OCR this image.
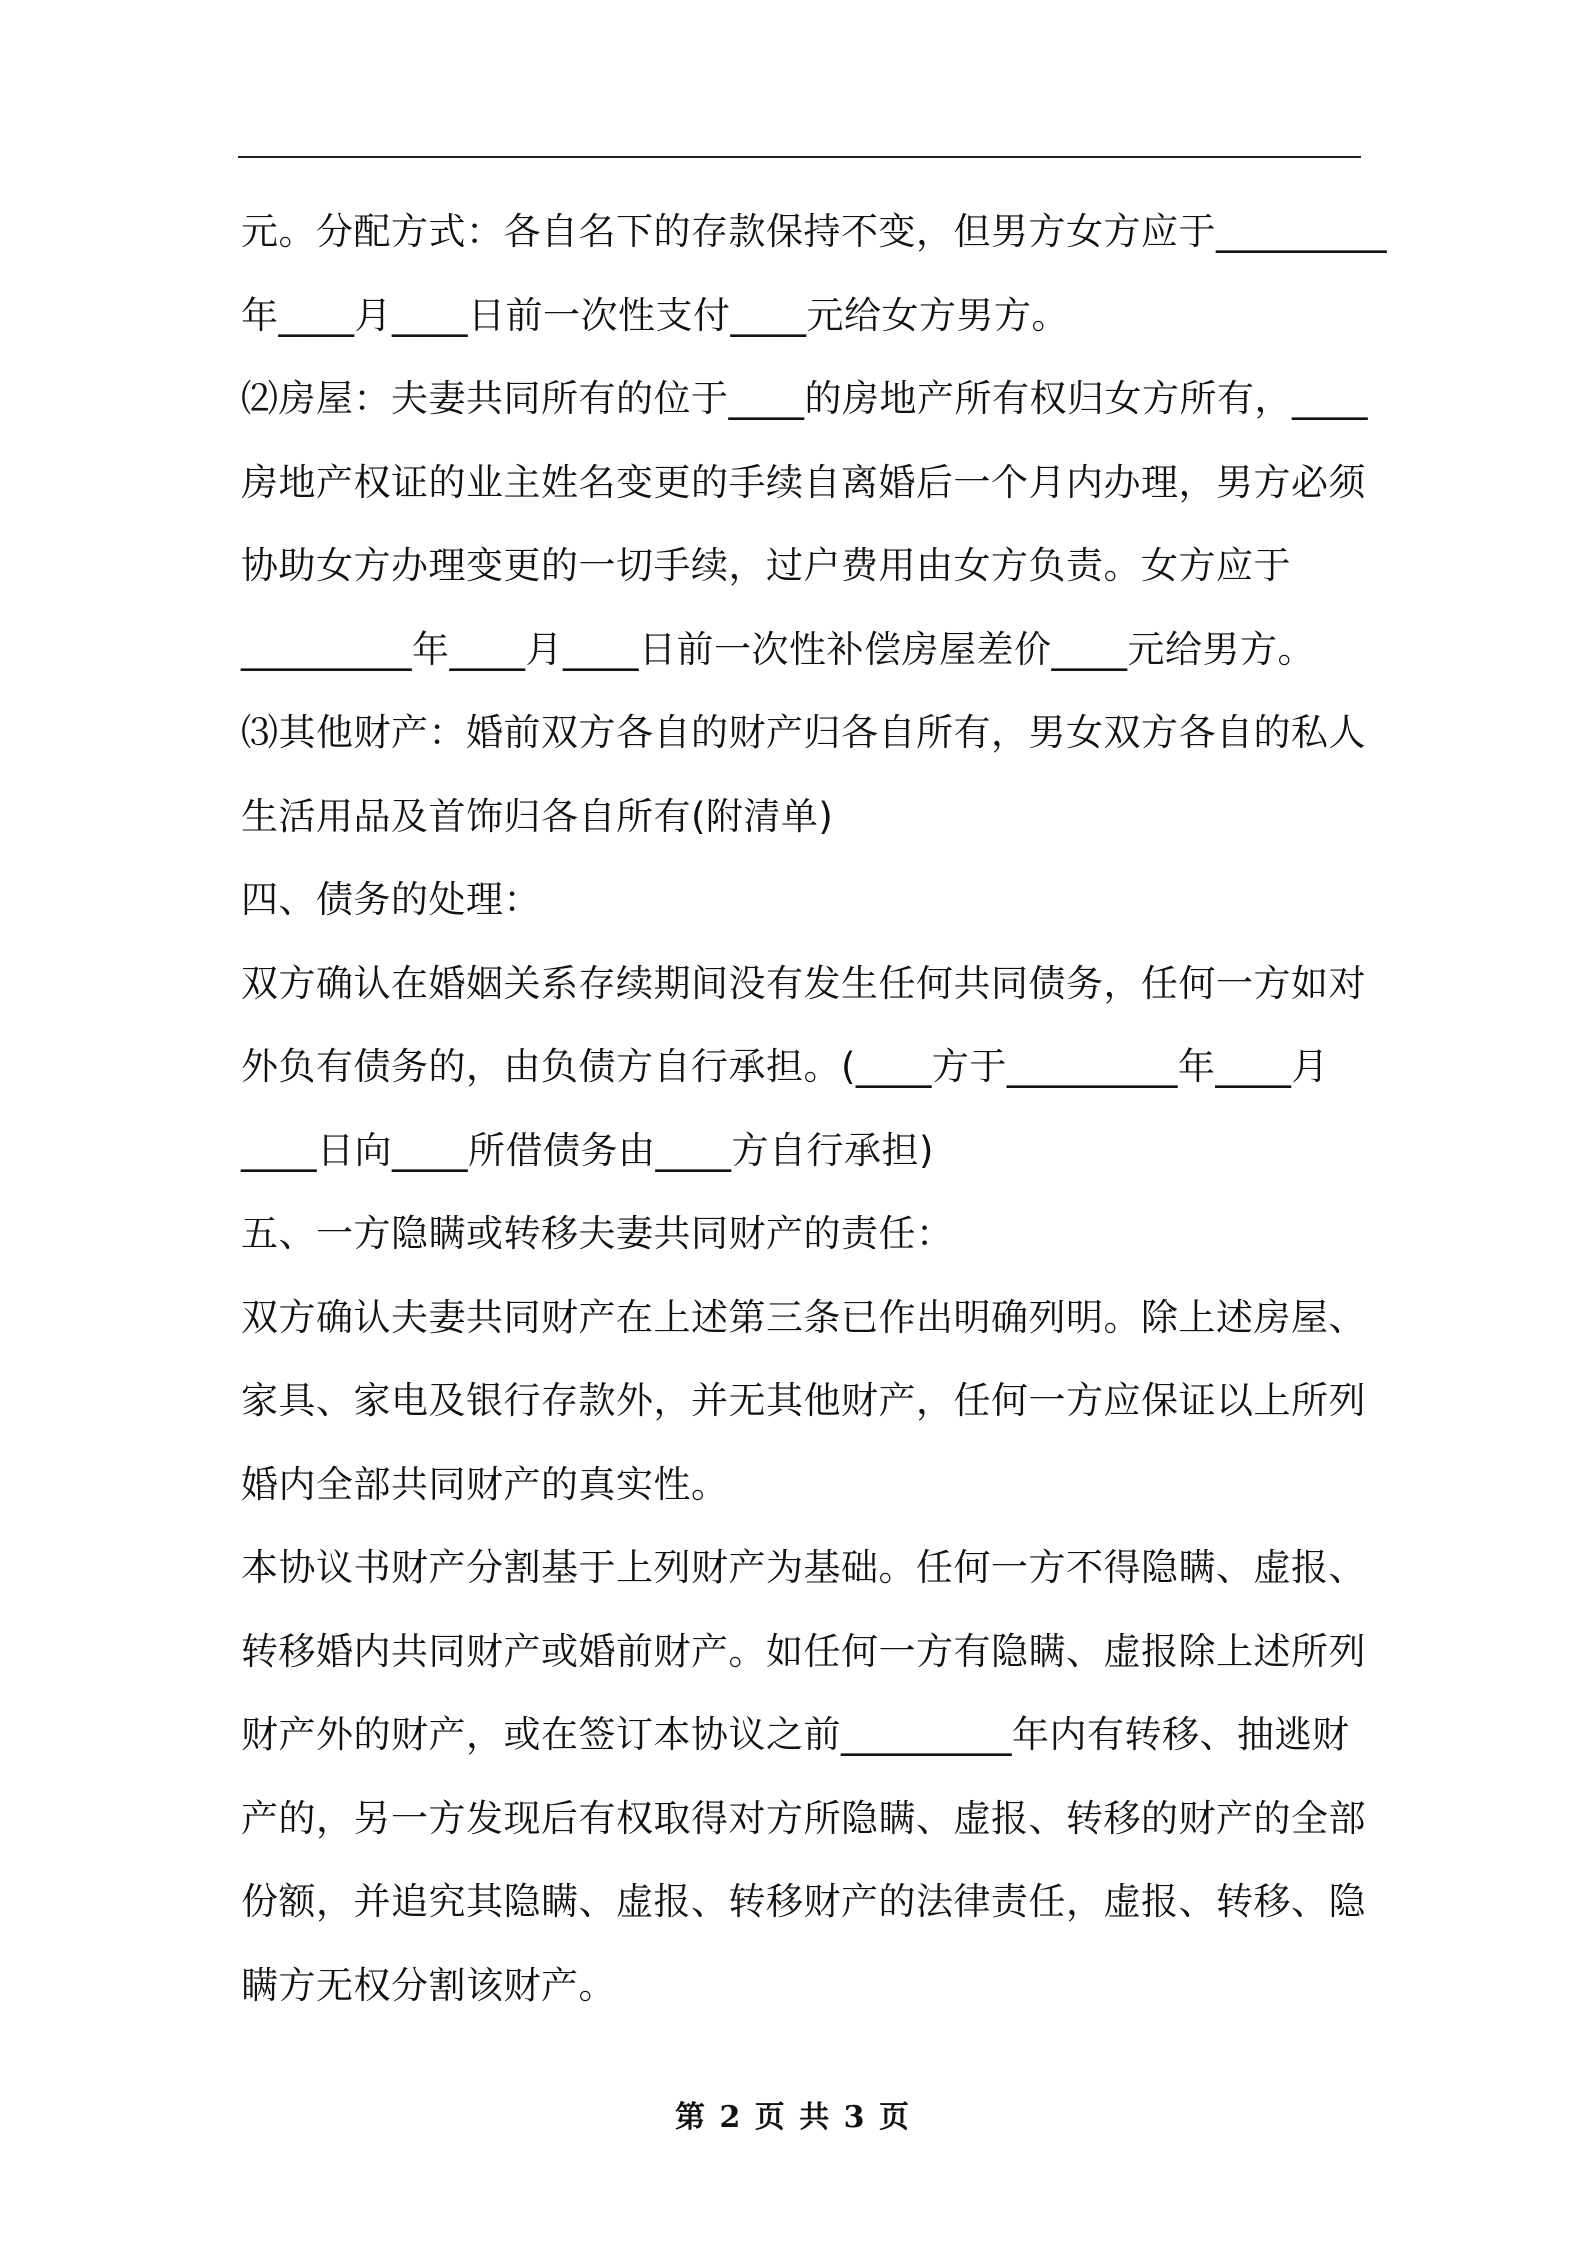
元。分配方式：各自名下的存款保持不变，但男方女方应于_________
年____月____日前一次性支付____元给女方男方。
⑵房屋：夫妻共同所有的位于____的房地产所有权归女方所有，____
房地产权证的业主姓名变更的手续自离婚后一个月内办理，男方必须
协助女方办理变更的一切手续，过户费用由女方负责。女方应于
_________年____月____日前一次性补偿房屋差价____元给男方。
⑶其他财产：婚前双方各自的财产归各自所有，男女双方各自的私人
生活用品及首饰归各自所有(附清单)
四、债务的处理：
双方确认在婚姻关系存续期间没有发生任何共同债务，任何一方如对
外负有债务的，由负债方自行承担。(____方于_________年____月
____日向____所借债务由____方自行承担)
五、一方隐瞒或转移夫妻共同财产的责任：
双方确认夫妻共同财产在上述第三条已作出明确列明。除上述房屋、
家具、家电及银行存款外，并无其他财产，任何一方应保证以上所列
婚内全部共同财产的真实性。
本协议书财产分割基于上列财产为基础。任何一方不得隐瞒、虚报、
转移婚内共同财产或婚前财产。如任何一方有隐瞒、虚报除上述所列
财产外的财产，或在签订本协议之前_________年内有转移、抽逃财
产的，另一方发现后有权取得对方所隐瞒、虚报、转移的财产的全部
份额，并追究其隐瞒、虚报、转移财产的法律责任，虚报、转移、隐
瞒方无权分割该财产。
第 2 页 共 3 页
